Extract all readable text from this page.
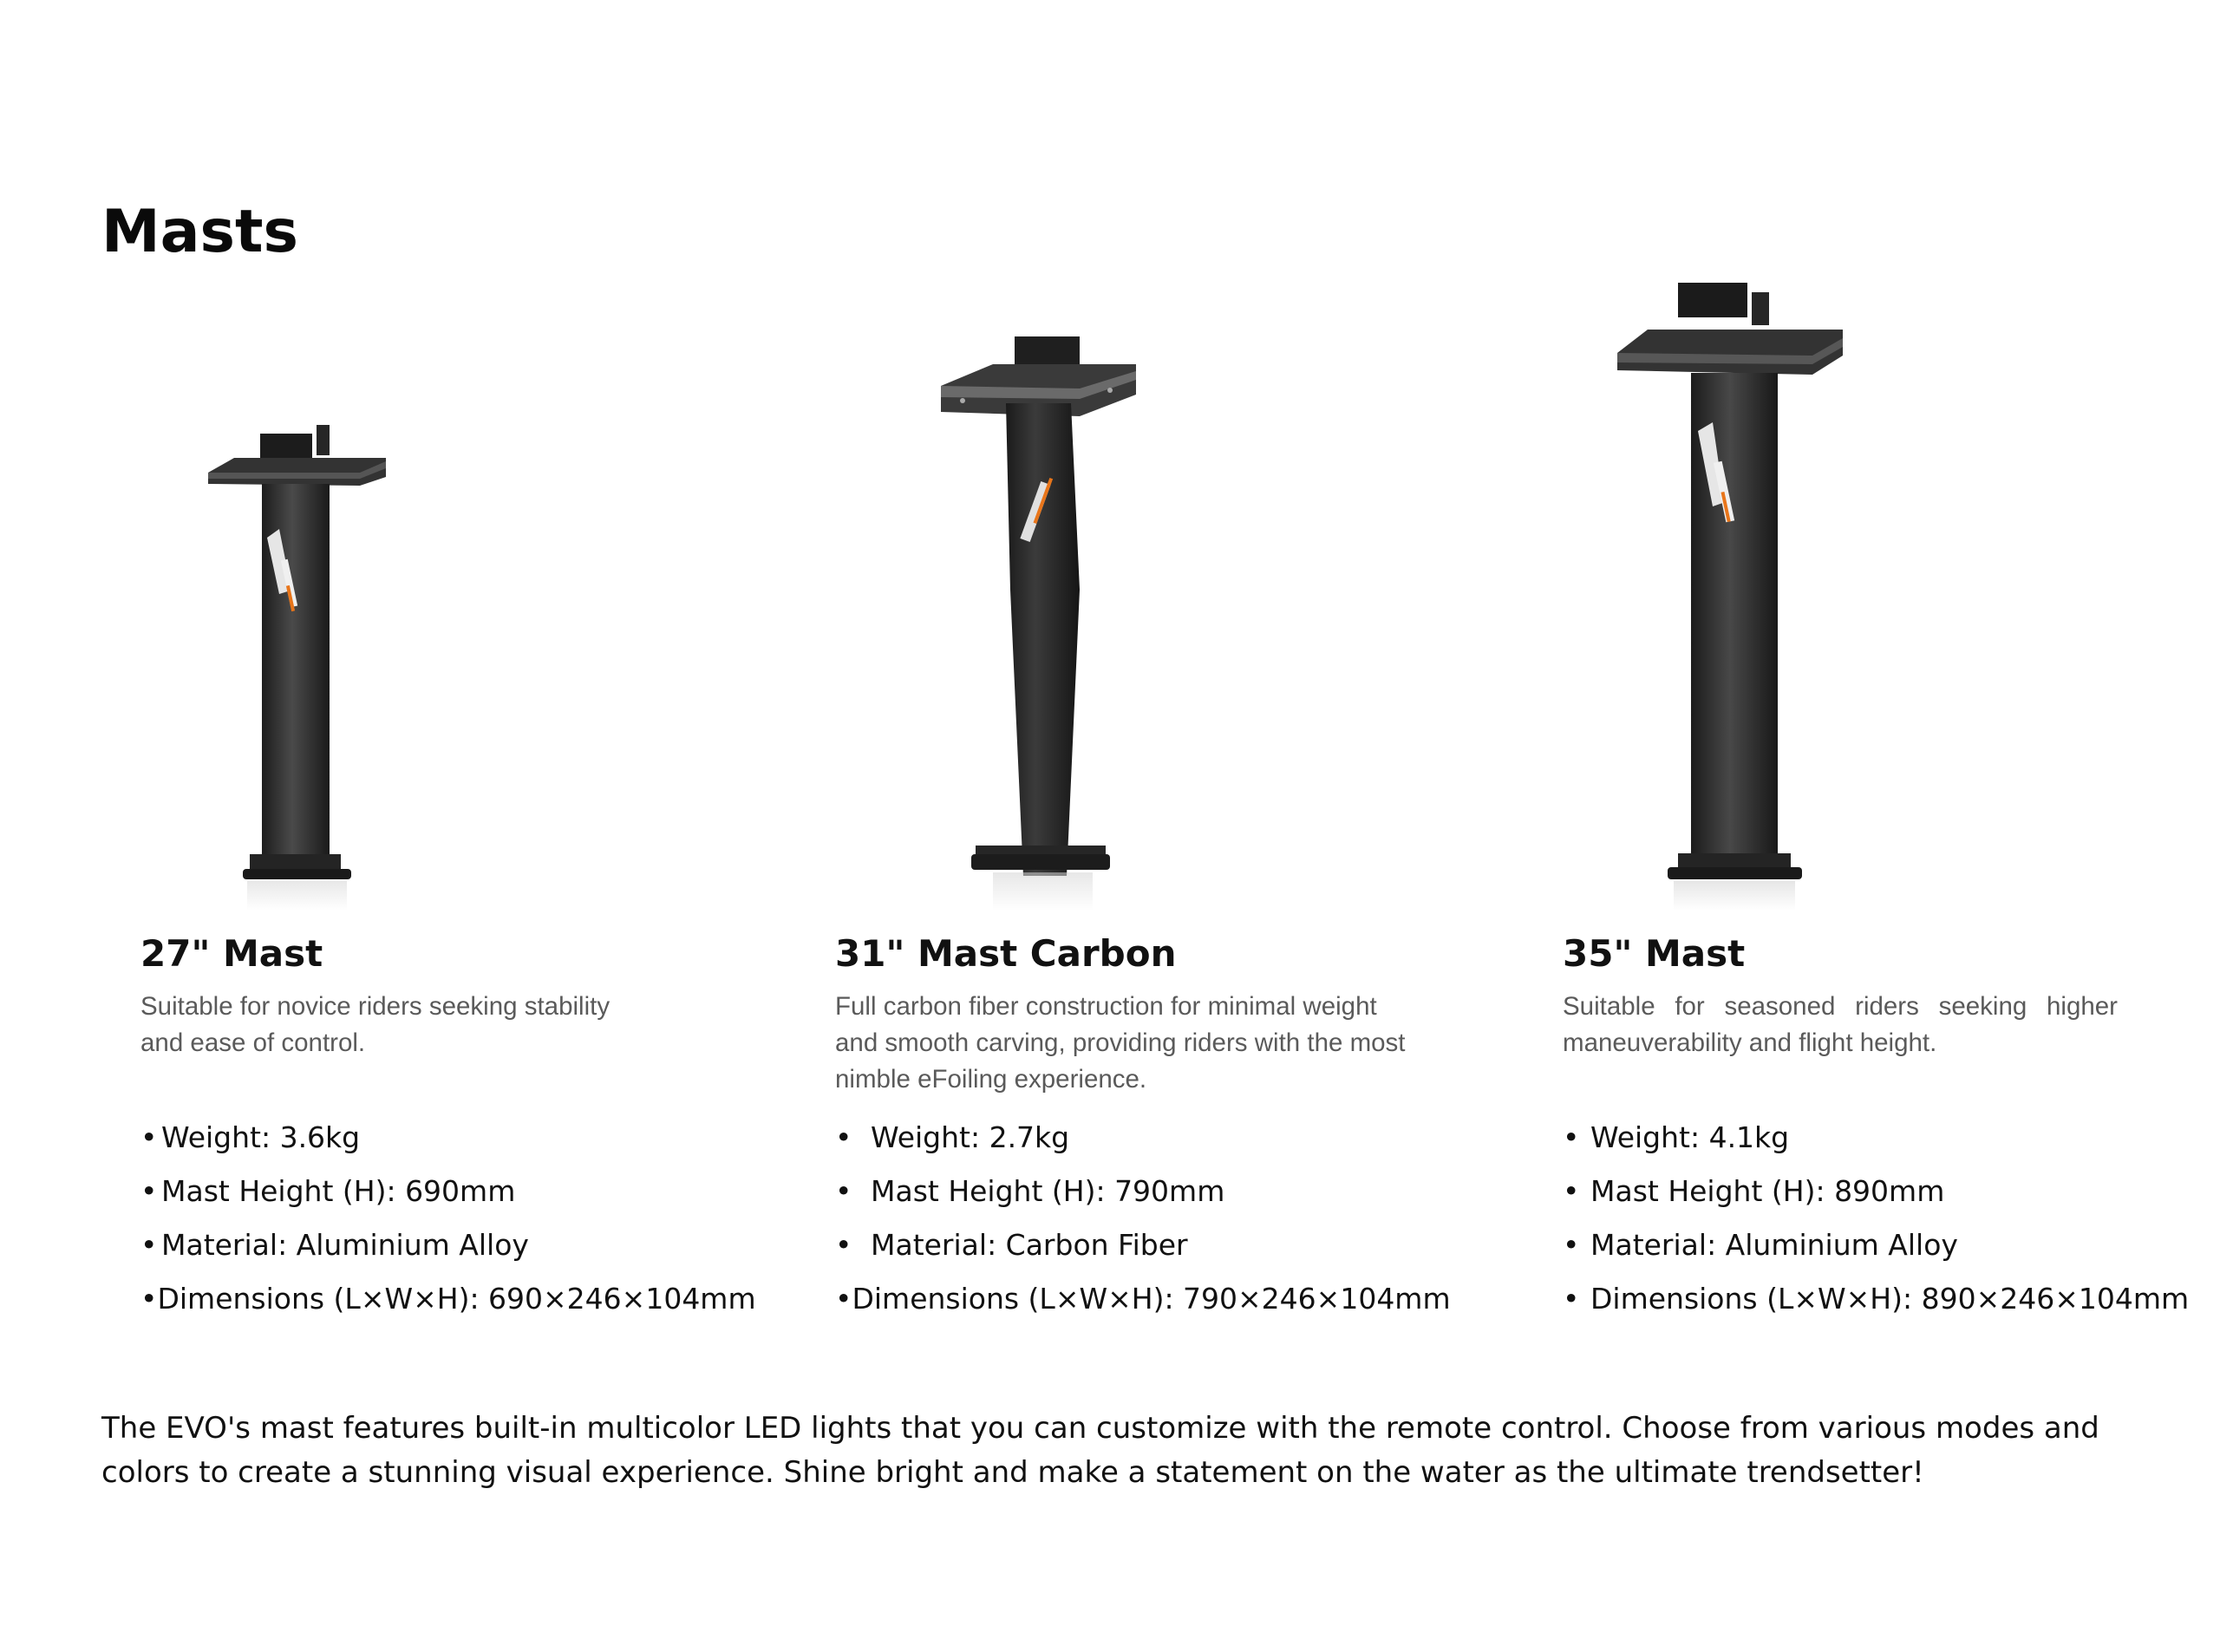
Masts
27" Mast

Suitable for novice riders seeking stability and ease of control.

• Weight: 3.6kg
• Mast Height (H): 690mm
• Material: Aluminium Alloy
• Dimensions (L×W×H): 690×246×104mm
31" Mast Carbon

Full carbon fiber construction for minimal weight and smooth carving, providing riders with the most nimble eFoiling experience.

• Weight: 2.7kg
• Mast Height (H): 790mm
• Material: Carbon Fiber
• Dimensions (L×W×H): 790×246×104mm
35" Mast

Suitable for seasoned riders seeking higher maneuverability and flight height.

• Weight: 4.1kg
• Mast Height (H): 890mm
• Material: Aluminium Alloy
• Dimensions (L×W×H): 890×246×104mm

The EVO's mast features built-in multicolor LED lights that you can customize with the remote control. Choose from various modes and colors to create a stunning visual experience. Shine bright and make a statement on the water as the ultimate trendsetter!
